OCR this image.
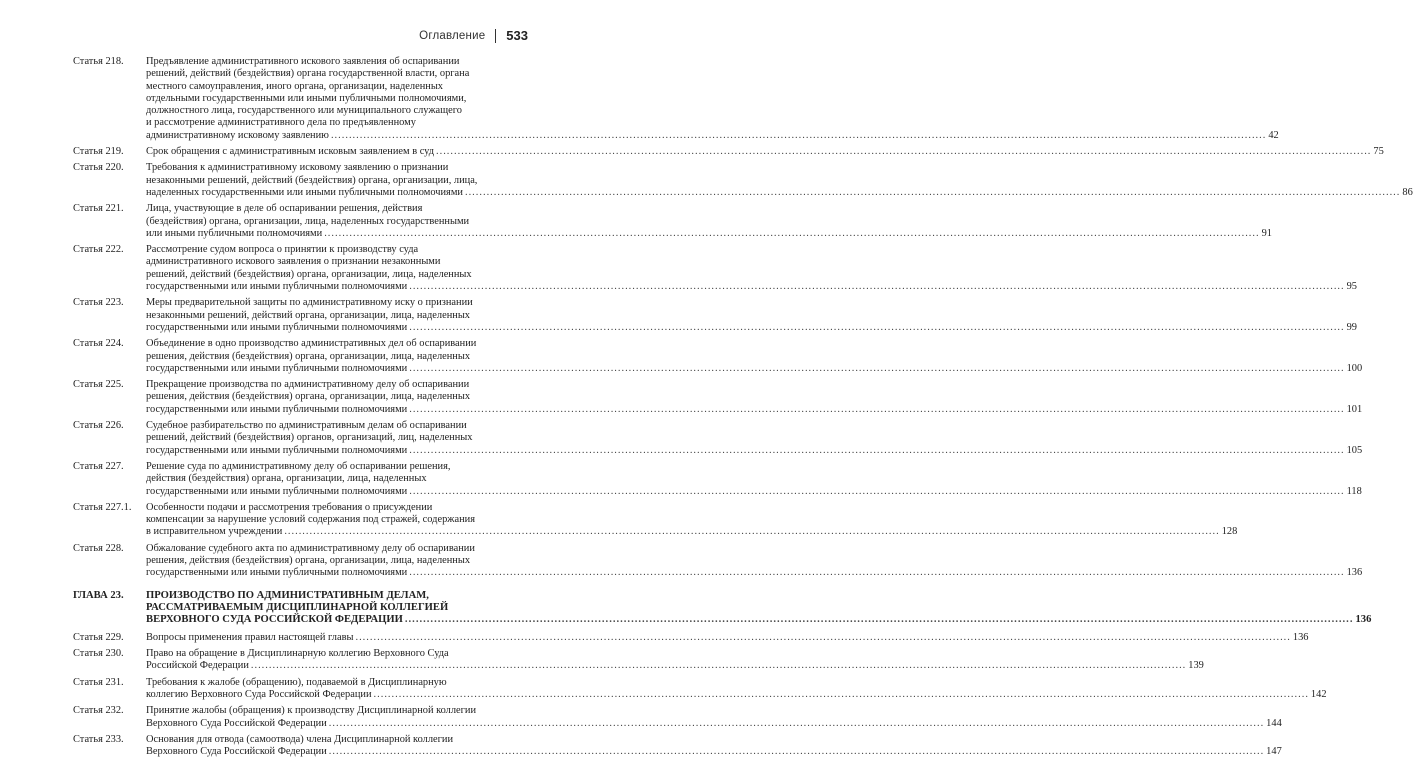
Оглавление 533
Статья 218.	Предъявление административного искового заявления об оспаривании
решений, действий (бездействия) органа государственной власти, органа
местного самоуправления, иного органа, организации, наделенных
отдельными государственными или иными публичными полномочиями,
должностного лица, государственного или муниципального служащего
и рассмотрение административного дела по предъявленному
административному исковому заявлению .................................................................................................................................................................................................................................................................... 42
Статья 219.	Срок обращения с административным исковым заявлением в суд .................................................................................................................................................................................................................................................................... 75
Статья 220.	Требования к административному исковому заявлению о признании
незаконными решений, действий (бездействия) органа, организации, лица,
наделенных государственными или иными публичными полномочиями .................................................................................................................................................................................................................................................................... 86
Статья 221.	Лица, участвующие в деле об оспаривании решения, действия
(бездействия) органа, организации, лица, наделенных государственными
или иными публичными полномочиями .................................................................................................................................................................................................................................................................... 91
Статья 222.	Рассмотрение судом вопроса о принятии к производству суда
административного искового заявления о признании незаконными
решений, действий (бездействия) органа, организации, лица, наделенных
государственными или иными публичными полномочиями .................................................................................................................................................................................................................................................................... 95
Статья 223.	Меры предварительной защиты по административному иску о признании
незаконными решений, действий органа, организации, лица, наделенных
государственными или иными публичными полномочиями .................................................................................................................................................................................................................................................................... 99
Статья 224.	Объединение в одно производство административных дел об оспаривании
решения, действия (бездействия) органа, организации, лица, наделенных
государственными или иными публичными полномочиями .................................................................................................................................................................................................................................................................... 100
Статья 225.	Прекращение производства по административному делу об оспаривании
решения, действия (бездействия) органа, организации, лица, наделенных
государственными или иными публичными полномочиями .................................................................................................................................................................................................................................................................... 101
Статья 226.	Судебное разбирательство по административным делам об оспаривании
решений, действий (бездействия) органов, организаций, лиц, наделенных
государственными или иными публичными полномочиями .................................................................................................................................................................................................................................................................... 105
Статья 227.	Решение суда по административному делу об оспаривании решения,
действия (бездействия) органа, организации, лица, наделенных
государственными или иными публичными полномочиями .................................................................................................................................................................................................................................................................... 118
Статья 227.1.	Особенности подачи и рассмотрения требования о присуждении
компенсации за нарушение условий содержания под стражей, содержания
в исправительном учреждении .................................................................................................................................................................................................................................................................... 128
Статья 228.	Обжалование судебного акта по административному делу об оспаривании
решения, действия (бездействия) органа, организации, лица, наделенных
государственными или иными публичными полномочиями .................................................................................................................................................................................................................................................................... 136
ГЛАВА 23.	ПРОИЗВОДСТВО ПО АДМИНИСТРАТИВНЫМ ДЕЛАМ,
РАССМАТРИВАЕМЫМ ДИСЦИПЛИНАРНОЙ КОЛЛЕГИЕЙ
ВЕРХОВНОГО СУДА РОССИЙСКОЙ ФЕДЕРАЦИИ .................................................................................................................................................................................................................................................................... 136
Статья 229.	Вопросы применения правил настоящей главы .................................................................................................................................................................................................................................................................... 136
Статья 230.	Право на обращение в Дисциплинарную коллегию Верховного Суда
Российской Федерации .................................................................................................................................................................................................................................................................... 139
Статья 231.	Требования к жалобе (обращению), подаваемой в Дисциплинарную
коллегию Верховного Суда Российской Федерации .................................................................................................................................................................................................................................................................... 142
Статья 232.	Принятие жалобы (обращения) к производству Дисциплинарной коллегии
Верховного Суда Российской Федерации .................................................................................................................................................................................................................................................................... 144
Статья 233.	Основания для отвода (самоотвода) члена Дисциплинарной коллегии
Верховного Суда Российской Федерации .................................................................................................................................................................................................................................................................... 147
